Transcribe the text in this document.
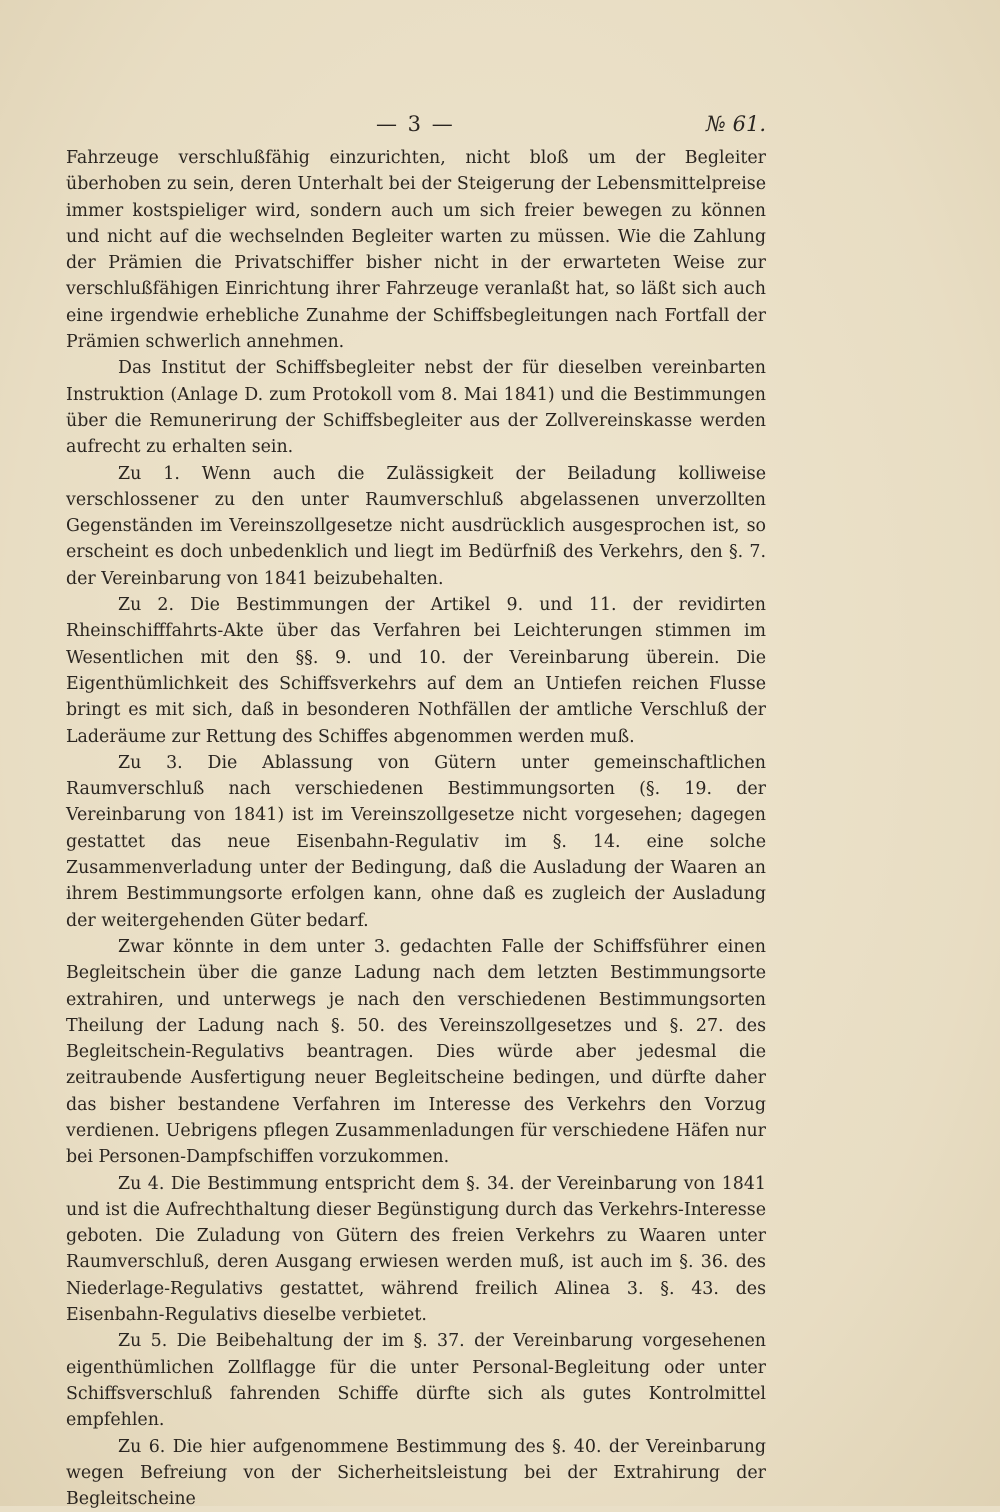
— 3 —	№ 61.

Fahrzeuge verschlußfähig einzurichten, nicht bloß um der Begleiter überhoben zu sein, deren Unterhalt bei der Steigerung der Lebensmittelpreise immer kostspieliger wird, sondern auch um sich freier bewegen zu können und nicht auf die wechselnden Begleiter warten zu müssen. Wie die Zahlung der Prämien die Privatschiffer bisher nicht in der erwarteten Weise zur verschlußfähigen Einrichtung ihrer Fahrzeuge veranlaßt hat, so läßt sich auch eine irgendwie erhebliche Zunahme der Schiffsbegleitungen nach Fortfall der Prämien schwerlich annehmen.

Das Institut der Schiffsbegleiter nebst der für dieselben vereinbarten Instruktion (Anlage D. zum Protokoll vom 8. Mai 1841) und die Bestimmungen über die Remunerirung der Schiffsbegleiter aus der Zollvereinskasse werden aufrecht zu erhalten sein.

Zu 1. Wenn auch die Zulässigkeit der Beiladung kolliweise verschlossener zu den unter Raumverschluß abgelassenen unverzollten Gegenständen im Vereinszollgesetze nicht ausdrücklich ausgesprochen ist, so erscheint es doch unbedenklich und liegt im Bedürfniß des Verkehrs, den §. 7. der Vereinbarung von 1841 beizubehalten.

Zu 2. Die Bestimmungen der Artikel 9. und 11. der revidirten Rheinschifffahrts-Akte über das Verfahren bei Leichterungen stimmen im Wesentlichen mit den §§. 9. und 10. der Vereinbarung überein. Die Eigenthümlichkeit des Schiffsverkehrs auf dem an Untiefen reichen Flusse bringt es mit sich, daß in besonderen Nothfällen der amtliche Verschluß der Laderäume zur Rettung des Schiffes abgenommen werden muß.

Zu 3. Die Ablassung von Gütern unter gemeinschaftlichen Raumverschluß nach verschiedenen Bestimmungsorten (§. 19. der Vereinbarung von 1841) ist im Vereinszollgesetze nicht vorgesehen; dagegen gestattet das neue Eisenbahn-Regulativ im §. 14. eine solche Zusammenverladung unter der Bedingung, daß die Ausladung der Waaren an ihrem Bestimmungsorte erfolgen kann, ohne daß es zugleich der Ausladung der weitergehenden Güter bedarf.

Zwar könnte in dem unter 3. gedachten Falle der Schiffsführer einen Begleitschein über die ganze Ladung nach dem letzten Bestimmungsorte extrahiren, und unterwegs je nach den verschiedenen Bestimmungsorten Theilung der Ladung nach §. 50. des Vereinszollgesetzes und §. 27. des Begleitschein-Regulativs beantragen. Dies würde aber jedesmal die zeitraubende Ausfertigung neuer Begleitscheine bedingen, und dürfte daher das bisher bestandene Verfahren im Interesse des Verkehrs den Vorzug verdienen. Uebrigens pflegen Zusammenladungen für verschiedene Häfen nur bei Personen-Dampfschiffen vorzukommen.

Zu 4. Die Bestimmung entspricht dem §. 34. der Vereinbarung von 1841 und ist die Aufrechthaltung dieser Begünstigung durch das Verkehrs-Interesse geboten. Die Zuladung von Gütern des freien Verkehrs zu Waaren unter Raumverschluß, deren Ausgang erwiesen werden muß, ist auch im §. 36. des Niederlage-Regulativs gestattet, während freilich Alinea 3. §. 43. des Eisenbahn-Regulativs dieselbe verbietet.

Zu 5. Die Beibehaltung der im §. 37. der Vereinbarung vorgesehenen eigenthümlichen Zollflagge für die unter Personal-Begleitung oder unter Schiffsverschluß fahrenden Schiffe dürfte sich als gutes Kontrolmittel empfehlen.

Zu 6. Die hier aufgenommene Bestimmung des §. 40. der Vereinbarung wegen Befreiung von der Sicherheitsleistung bei der Extrahirung der Begleitscheine
